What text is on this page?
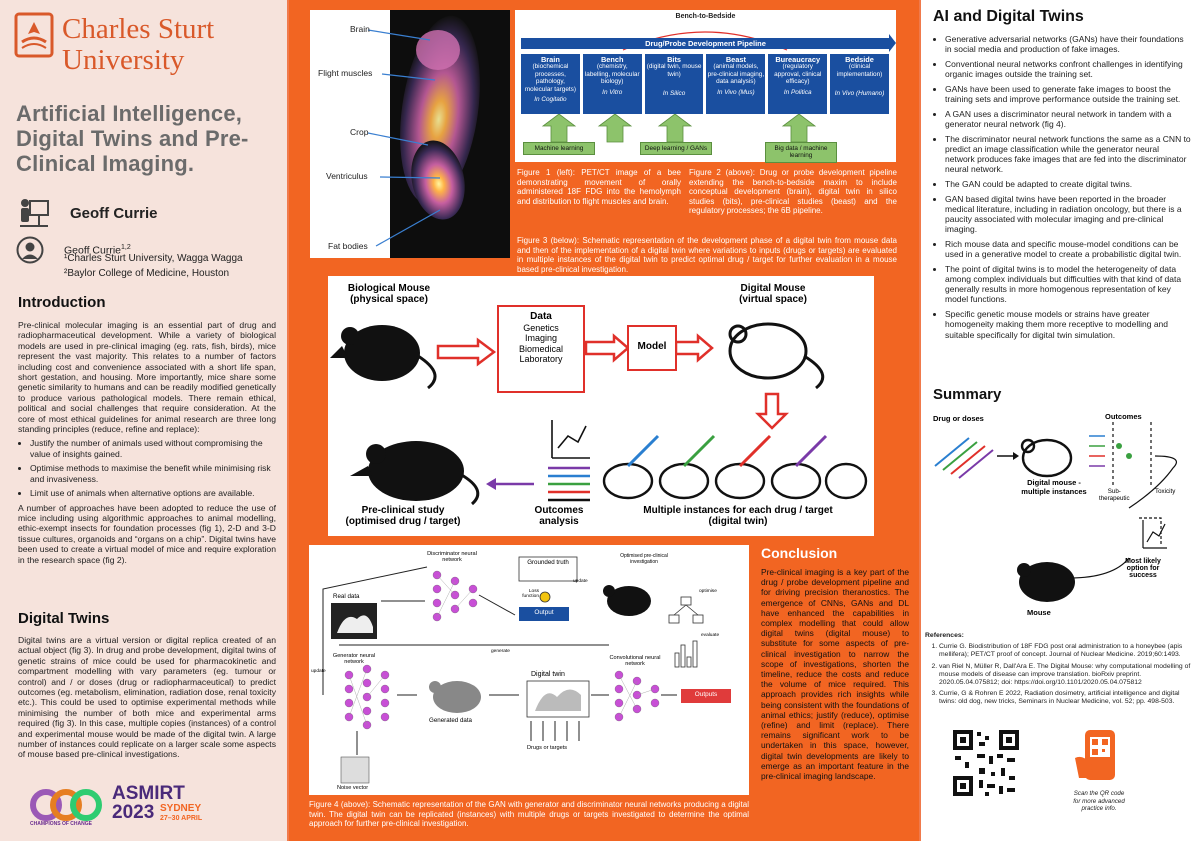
Charles Sturt
University
Artificial Intelligence, Digital Twins and Pre-Clinical Imaging.
Geoff Currie
Geoff Currie$^{1,2}$
¹Charles Sturt University, Wagga Wagga
²Baylor College of Medicine, Houston
Introduction

Pre-clinical molecular imaging is an essential part of drug and radiopharmaceutical development. While a variety of biological models are used in pre-clinical imaging (eg. rats, fish, birds), mice represent the vast majority. This relates to a number of factors including cost and convenience associated with a short life span, short gestation, and housing. More importantly, mice share some genetic similarity to humans and can be readily modified genetically to produce various pathological models. There remain ethical, political and social challenges that require consideration. At the core of most ethical guidelines for animal research are three long standing principles (reduce, refine and replace):

• Justify the number of animals used without compromising the value of insights gained.
• Optimise methods to maximise the benefit while minimising risk and invasiveness.
• Limit use of animals when alternative options are available.

A number of approaches have been adopted to reduce the use of mice including using algorithmic approaches to animal modelling, ethic-exempt insects for foundation processes (fig 1), 2-D and 3-D tissue cultures, organoids and “organs on a chip”. Digital twins have been used to create a virtual model of mice and require exploration in the research space (fig 2).

Digital Twins

Digital twins are a virtual version or digital replica created of an actual object (fig 3). In drug and probe development, digital twins of genetic strains of mice could be used for pharmacokinetic and compartment modelling with vary parameters (eg. tumour or control) and / or doses (drug or radiopharmaceutical) to predict outcomes (eg. metabolism, elimination, radiation dose, renal toxicity etc.). This could be used to optimise experimental methods while minimising the number of both mice and experimental arms required (fig 3). In this case, multiple copies (instances) of a control and experimental mouse would be made of the digital twin. A large number of instances could replicate on a larger scale some aspects of mouse based pre-clinical investigations.

CHAMPIONS OF CHANGE
ASMIRT
2023 SYDNEY
27–30 APRIL
Brain
Flight muscles
Crop
Ventriculus
Fat bodies
Bench-to-Bedside
Drug/Probe Development Pipeline
Brain
(biochemical processes, pathology, molecular targets)
In Cogitatio
Bench
(chemistry, labelling, molecular biology)
In Vitro
Bits
(digital twin, mouse twin)
In Silico
Beast
(animal models, pre-clinical imaging, data analysis)
In Vivo (Mus)
Bureaucracy
(regulatory approval, clinical efficacy)
In Politica
Bedside
(clinical implementation)
In Vivo (Humano)
Machine learning	Deep learning / GANs	Big data / machine learning
Figure 1 (left): PET/CT image of a bee demonstrating movement of orally administered 18F FDG into the hemolymph and distribution to flight muscles and brain.
Figure 2 (above): Drug or probe development pipeline extending the bench-to-bedside maxim to include conceptual development (brain), digital twin in silico studies (bits), pre-clinical studies (beast) and the regulatory processes; the 6B pipeline.
Figure 3 (below): Schematic representation of the development phase of a digital twin from mouse data and then of the implementation of a digital twin where variations to inputs (drugs or targets) are evaluated in multiple instances of the digital twin to predict optimal drug / target for further evaluation in a mouse based pre-clinical investigation.
Biological Mouse
(physical space)
Data
Genetics
Imaging
Biomedical
Laboratory
Model
Digital Mouse
(virtual space)
Pre-clinical study
(optimised drug / target)
Outcomes
analysis
Multiple instances for each drug / target
(digital twin)
Discriminator neural network
Real data
Generator neural network
Generated data
Noise vector
Grounded truth
Loss function
Output
update
update
generate
Digital twin
Drugs or targets
Convolutional neural network
Outputs
Optimised pre-clinical investigation
optimise
evaluate
Figure 4 (above): Schematic representation of the GAN with generator and discriminator neural networks producing a digital twin. The digital twin can be replicated (instances) with multiple drugs or targets investigated to determine the optimal approach for further pre-clinical investigation.
Conclusion

Pre-clinical imaging is a key part of the drug / probe development pipeline and for driving precision theranostics. The emergence of CNNs, GANs and DL have enhanced the capabilities in complex modelling that could allow digital twins (digital mouse) to substitute for some aspects of pre-clinical investigation to narrow the scope of investigations, shorten the timeline, reduce the costs and reduce the volume of mice required. This approach provides rich insights while being consistent with the foundations of animal ethics; justify (reduce), optimise (refine) and limit (replace). There remains significant work to be undertaken in this space, however, digital twin developments are likely to emerge as an important feature in the pre-clinical imaging landscape.

AI and Digital Twins
• Generative adversarial networks (GANs) have their foundations in social media and production of fake images.
• Conventional neural networks confront challenges in identifying organic images outside the training set.
• GANs have been used to generate fake images to boost the training sets and improve performance outside the training set.
• A GAN uses a discriminator neural network in tandem with a generator neural network (fig 4).
• The discriminator neural network functions the same as a CNN to predict an image classification while the generator neural network produces fake images that are fed into the discriminator neural network.
• The GAN could be adapted to create digital twins.
• GAN based digital twins have been reported in the broader medical literature, including in radiation oncology, but there is a paucity associated with molecular imaging and pre-clinical imaging.
• Rich mouse data and specific mouse-model conditions can be used in a generative model to create a probabilistic digital twin.
• The point of digital twins is to model the heterogeneity of data among complex individuals but difficulties with that kind of data generally results in more homogenous representation of key model functions.
• Specific genetic mouse models or strains have greater homogeneity making them more receptive to modelling and suitable specifically for digital twin simulation.
Summary
Drug or doses	Outcomes
Digital mouse -
multiple instances	Sub-
therapeutic
Toxicity
Most likely
option for
success
Mouse
References:
1. Currie G. Biodistribution of 18F FDG post oral administration to a honeybee (apis mellifera); PET/CT proof of concept. Journal of Nuclear Medicine. 2019;60:1493.
2. van Riel N, Müller R, Dall'Ara E. The Digital Mouse: why computational modelling of mouse models of disease can improve translation. bioRxiv preprint. 2020.05.04.075812; doi: https://doi.org/10.1101/2020.05.04.075812
3. Currie, G & Rohren E 2022, Radiation dosimetry, artificial intelligence and digital twins: old dog, new tricks, Seminars in Nuclear Medicine, vol. 52; pp. 498-503.
Scan the QR code
for more advanced
practice info.
